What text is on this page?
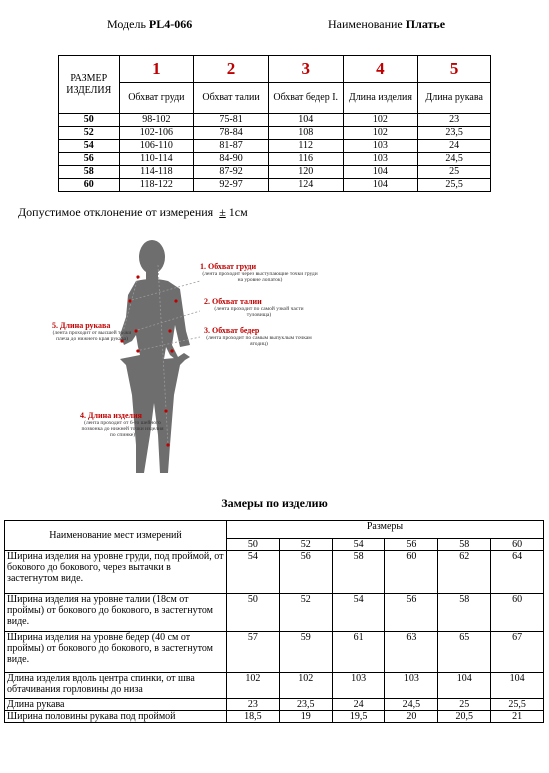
Модель PL4-066	Наименование Платье
РАЗМЕР ИЗДЕЛИЯ	1	2	3	4	5
	Обхват груди	Обхват талии	Обхват бедер I.	Длина изделия	Длина рукава
50	98-102	75-81	104	102	23
52	102-106	78-84	108	102	23,5
54	106-110	81-87	112	103	24
56	110-114	84-90	116	103	24,5
58	114-118	87-92	120	104	25
60	118-122	92-97	124	104	25,5
Допустимое отклонение от измерения ± 1см
1. Обхват груди
(лента проходит через выступающие точки груди на уровне лопаток)
2. Обхват талии
(лента проходит по самой узкой части туловища)
3. Обхват бедер
(лента проходит по самым выпуклым точкам ягодиц)
5. Длина рукава
(лента проходит от высшей точки плеча до нижнего края рукава)
4. Длина изделия
(лента проходит от 6-го шейного позвонка до нижней точки изделия по спинке)
Замеры по изделию
Наименование мест измерений	Размеры					
	50	52	54	56	58	60
Ширина изделия на уровне груди, под проймой, от бокового до бокового, через вытачки в застегнутом виде.	54	56	58	60	62	64
Ширина изделия на уровне талии (18см от проймы) от бокового до бокового, в застегнутом виде.	50	52	54	56	58	60
Ширина изделия на уровне бедер (40 см от проймы) от бокового до бокового, в застегнутом виде.	57	59	61	63	65	67
Длина изделия вдоль центра спинки, от шва обтачивания горловины до низа	102	102	103	103	104	104
Длина рукава	23	23,5	24	24,5	25	25,5
Ширина половины рукава под проймой	18,5	19	19,5	20	20,5	21
